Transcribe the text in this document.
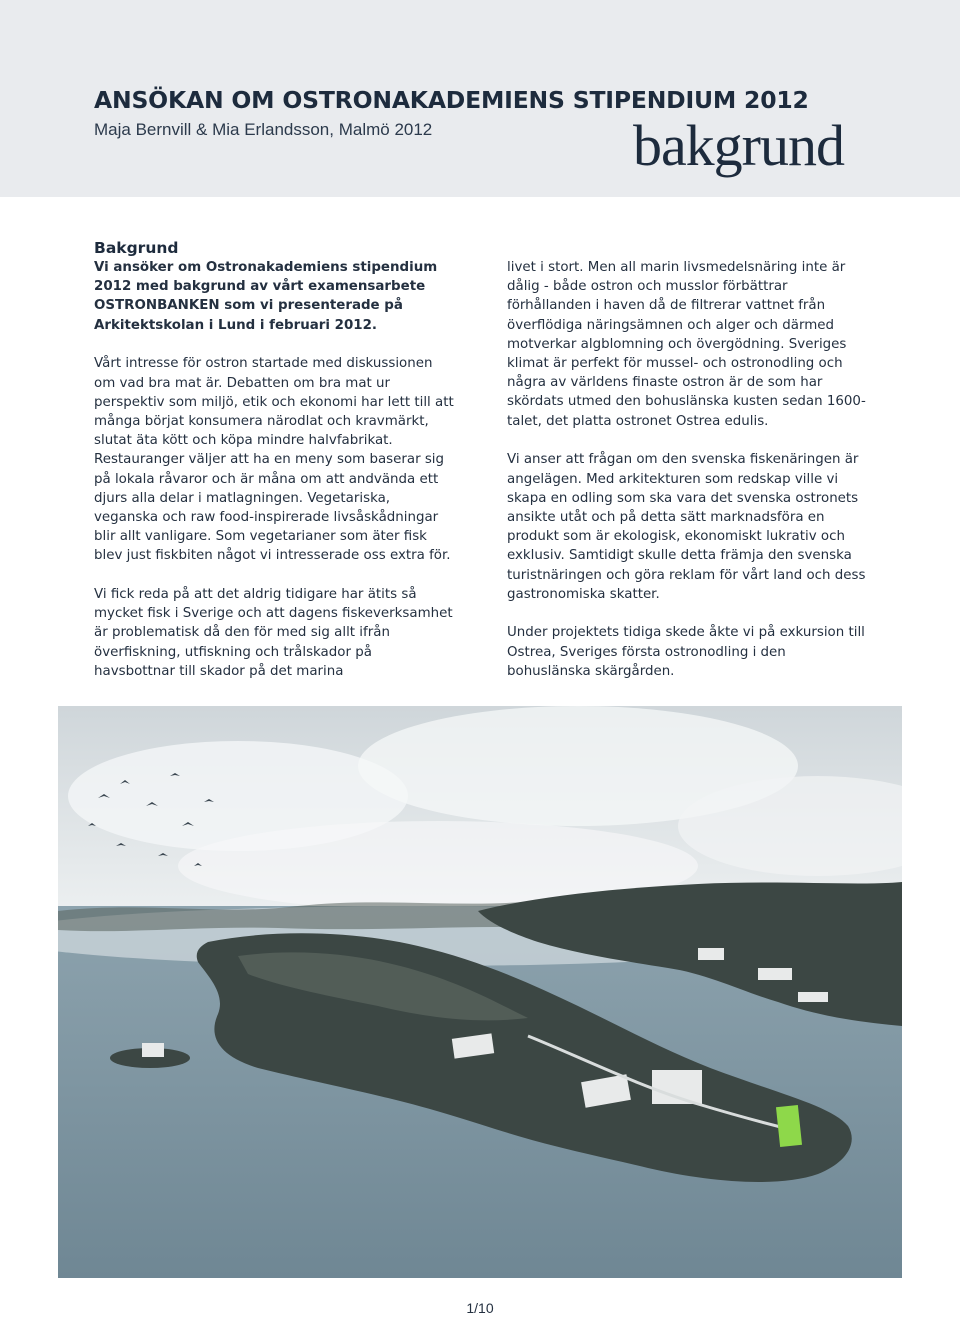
ANSÖKAN OM OSTRONAKADEMIENS STIPENDIUM 2012
Maja Bernvill & Mia Erlandsson, Malmö 2012	bakgrund
Bakgrund

Vi ansöker om Ostronakademiens stipendium 2012 med bakgrund av vårt examensarbete OSTRONBANKEN som vi presenterade på Arkitektskolan i Lund i februari 2012.

Vårt intresse för ostron startade med diskussionen om vad bra mat är. Debatten om bra mat ur perspektiv som miljö, etik och ekonomi har lett till att många börjat konsumera närodlat och kravmärkt, slutat äta kött och köpa mindre halvfabrikat. Restauranger väljer att ha en meny som baserar sig på lokala råvaror och är måna om att andvända ett djurs alla delar i matlagningen. Vegetariska, veganska och raw food-inspirerade livsåskådningar blir allt vanligare. Som vegetarianer som äter fisk blev just fiskbiten något vi intresserade oss extra för.

Vi fick reda på att det aldrig tidigare har ätits så mycket fisk i Sverige och att dagens fiskeverksamhet är problematisk då den för med sig allt ifrån överfiskning, utfiskning och trålskador på havsbottnar till skador på det marina

livet i stort. Men all marin livsmedelsnäring inte är dålig - både ostron och musslor förbättrar förhållanden i haven då de filtrerar vattnet från överflödiga näringsämnen och alger och därmed motverkar algblomning och övergödning. Sveriges klimat är perfekt för mussel- och ostronodling och några av världens finaste ostron är de som har skördats utmed den bohuslänska kusten sedan 1600-talet, det platta ostronet Ostrea edulis.

Vi anser att frågan om den svenska fiskenäringen är angelägen. Med arkitekturen som redskap ville vi skapa en odling som ska vara det svenska ostronets ansikte utåt och på detta sätt marknadsföra en produkt som är ekologisk, ekonomiskt lukrativ och exklusiv. Samtidigt skulle detta främja den svenska turistnäringen och göra reklam för vårt land och dess gastronomiska skatter.

Under projektets tidiga skede åkte vi på exkursion till Ostrea, Sveriges första ostronodling i den bohuslänska skärgården.

1/10
